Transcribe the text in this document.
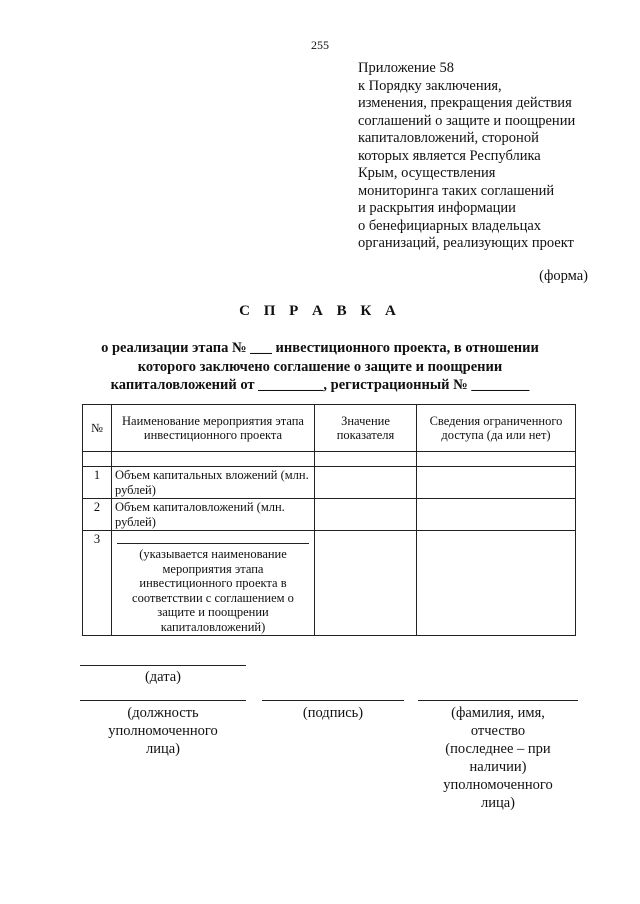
255
Приложение 58
к Порядку заключения,
изменения, прекращения действия
соглашений о защите и поощрении
капиталовложений, стороной
которых является Республика
Крым, осуществления
мониторинга таких соглашений
и раскрытия информации
о бенефициарных владельцах
организаций, реализующих проект
(форма)
С П Р А В К А
о реализации этапа № ___ инвестиционного проекта, в отношении
которого заключено соглашение о защите и поощрении
капиталовложений от _________, регистрационный № ________
№	Наименование мероприятия этапа инвестиционного проекта	Значение показателя	Сведения ограниченного доступа (да или нет)

1	Объем капитальных вложений (млн. рублей)		
2	Объем капиталовложений (млн. рублей)		
3	(указывается наименование мероприятия этапа инвестиционного проекта в соответствии с соглашением о защите и поощрении капиталовложений)		

(дата)
(должность
уполномоченного
лица)
(подпись)	(фамилия, имя,
отчество
(последнее – при
наличии)
уполномоченного
лица)
